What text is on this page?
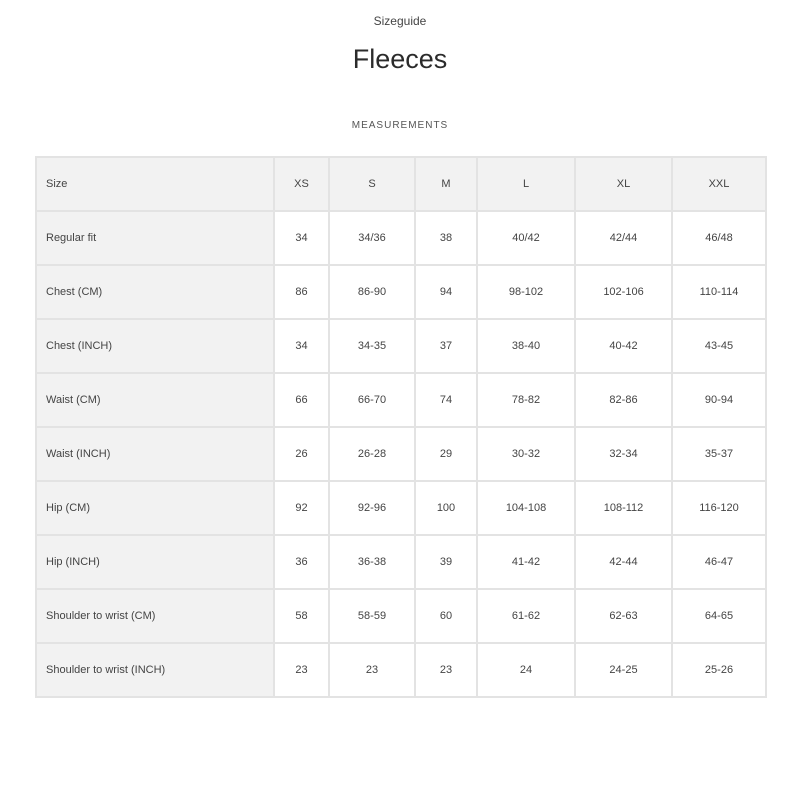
Sizeguide
Fleeces
MEASUREMENTS
Size	XS	S	M	L	XL	XXL
Regular fit	34	34/36	38	40/42	42/44	46/48
Chest (CM)	86	86-90	94	98-102	102-106	110-114
Chest (INCH)	34	34-35	37	38-40	40-42	43-45
Waist (CM)	66	66-70	74	78-82	82-86	90-94
Waist (INCH)	26	26-28	29	30-32	32-34	35-37
Hip (CM)	92	92-96	100	104-108	108-112	116-120
Hip (INCH)	36	36-38	39	41-42	42-44	46-47
Shoulder to wrist (CM)	58	58-59	60	61-62	62-63	64-65
Shoulder to wrist (INCH)	23	23	23	24	24-25	25-26
